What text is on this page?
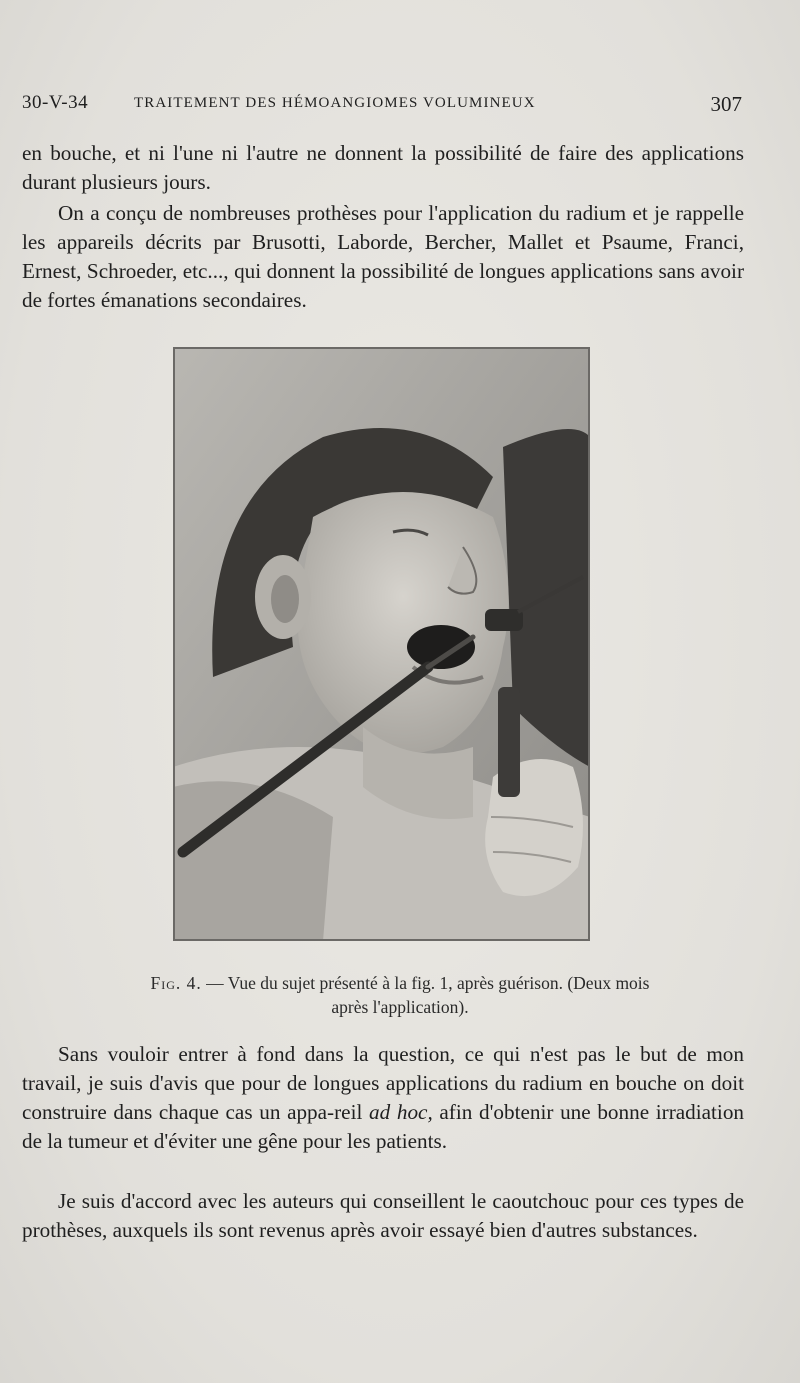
30-V-34	TRAITEMENT DES HÉMOANGIOMES VOLUMINEUX	307

en bouche, et ni l'une ni l'autre ne donnent la possibilité de faire des applications durant plusieurs jours.

On a conçu de nombreuses prothèses pour l'application du radium et je rappelle les appareils décrits par Brusotti, Laborde, Bercher, Mallet et Psaume, Franci, Ernest, Schroeder, etc..., qui donnent la possibilité de longues applications sans avoir de fortes émanations secondaires.

Fig. 4. — Vue du sujet présenté à la fig. 1, après guérison. (Deux mois après l'application).

Sans vouloir entrer à fond dans la question, ce qui n'est pas le but de mon travail, je suis d'avis que pour de longues applications du radium en bouche on doit construire dans chaque cas un appa-reil ad hoc, afin d'obtenir une bonne irradiation de la tumeur et d'éviter une gêne pour les patients.

Je suis d'accord avec les auteurs qui conseillent le caoutchouc pour ces types de prothèses, auxquels ils sont revenus après avoir essayé bien d'autres substances.
